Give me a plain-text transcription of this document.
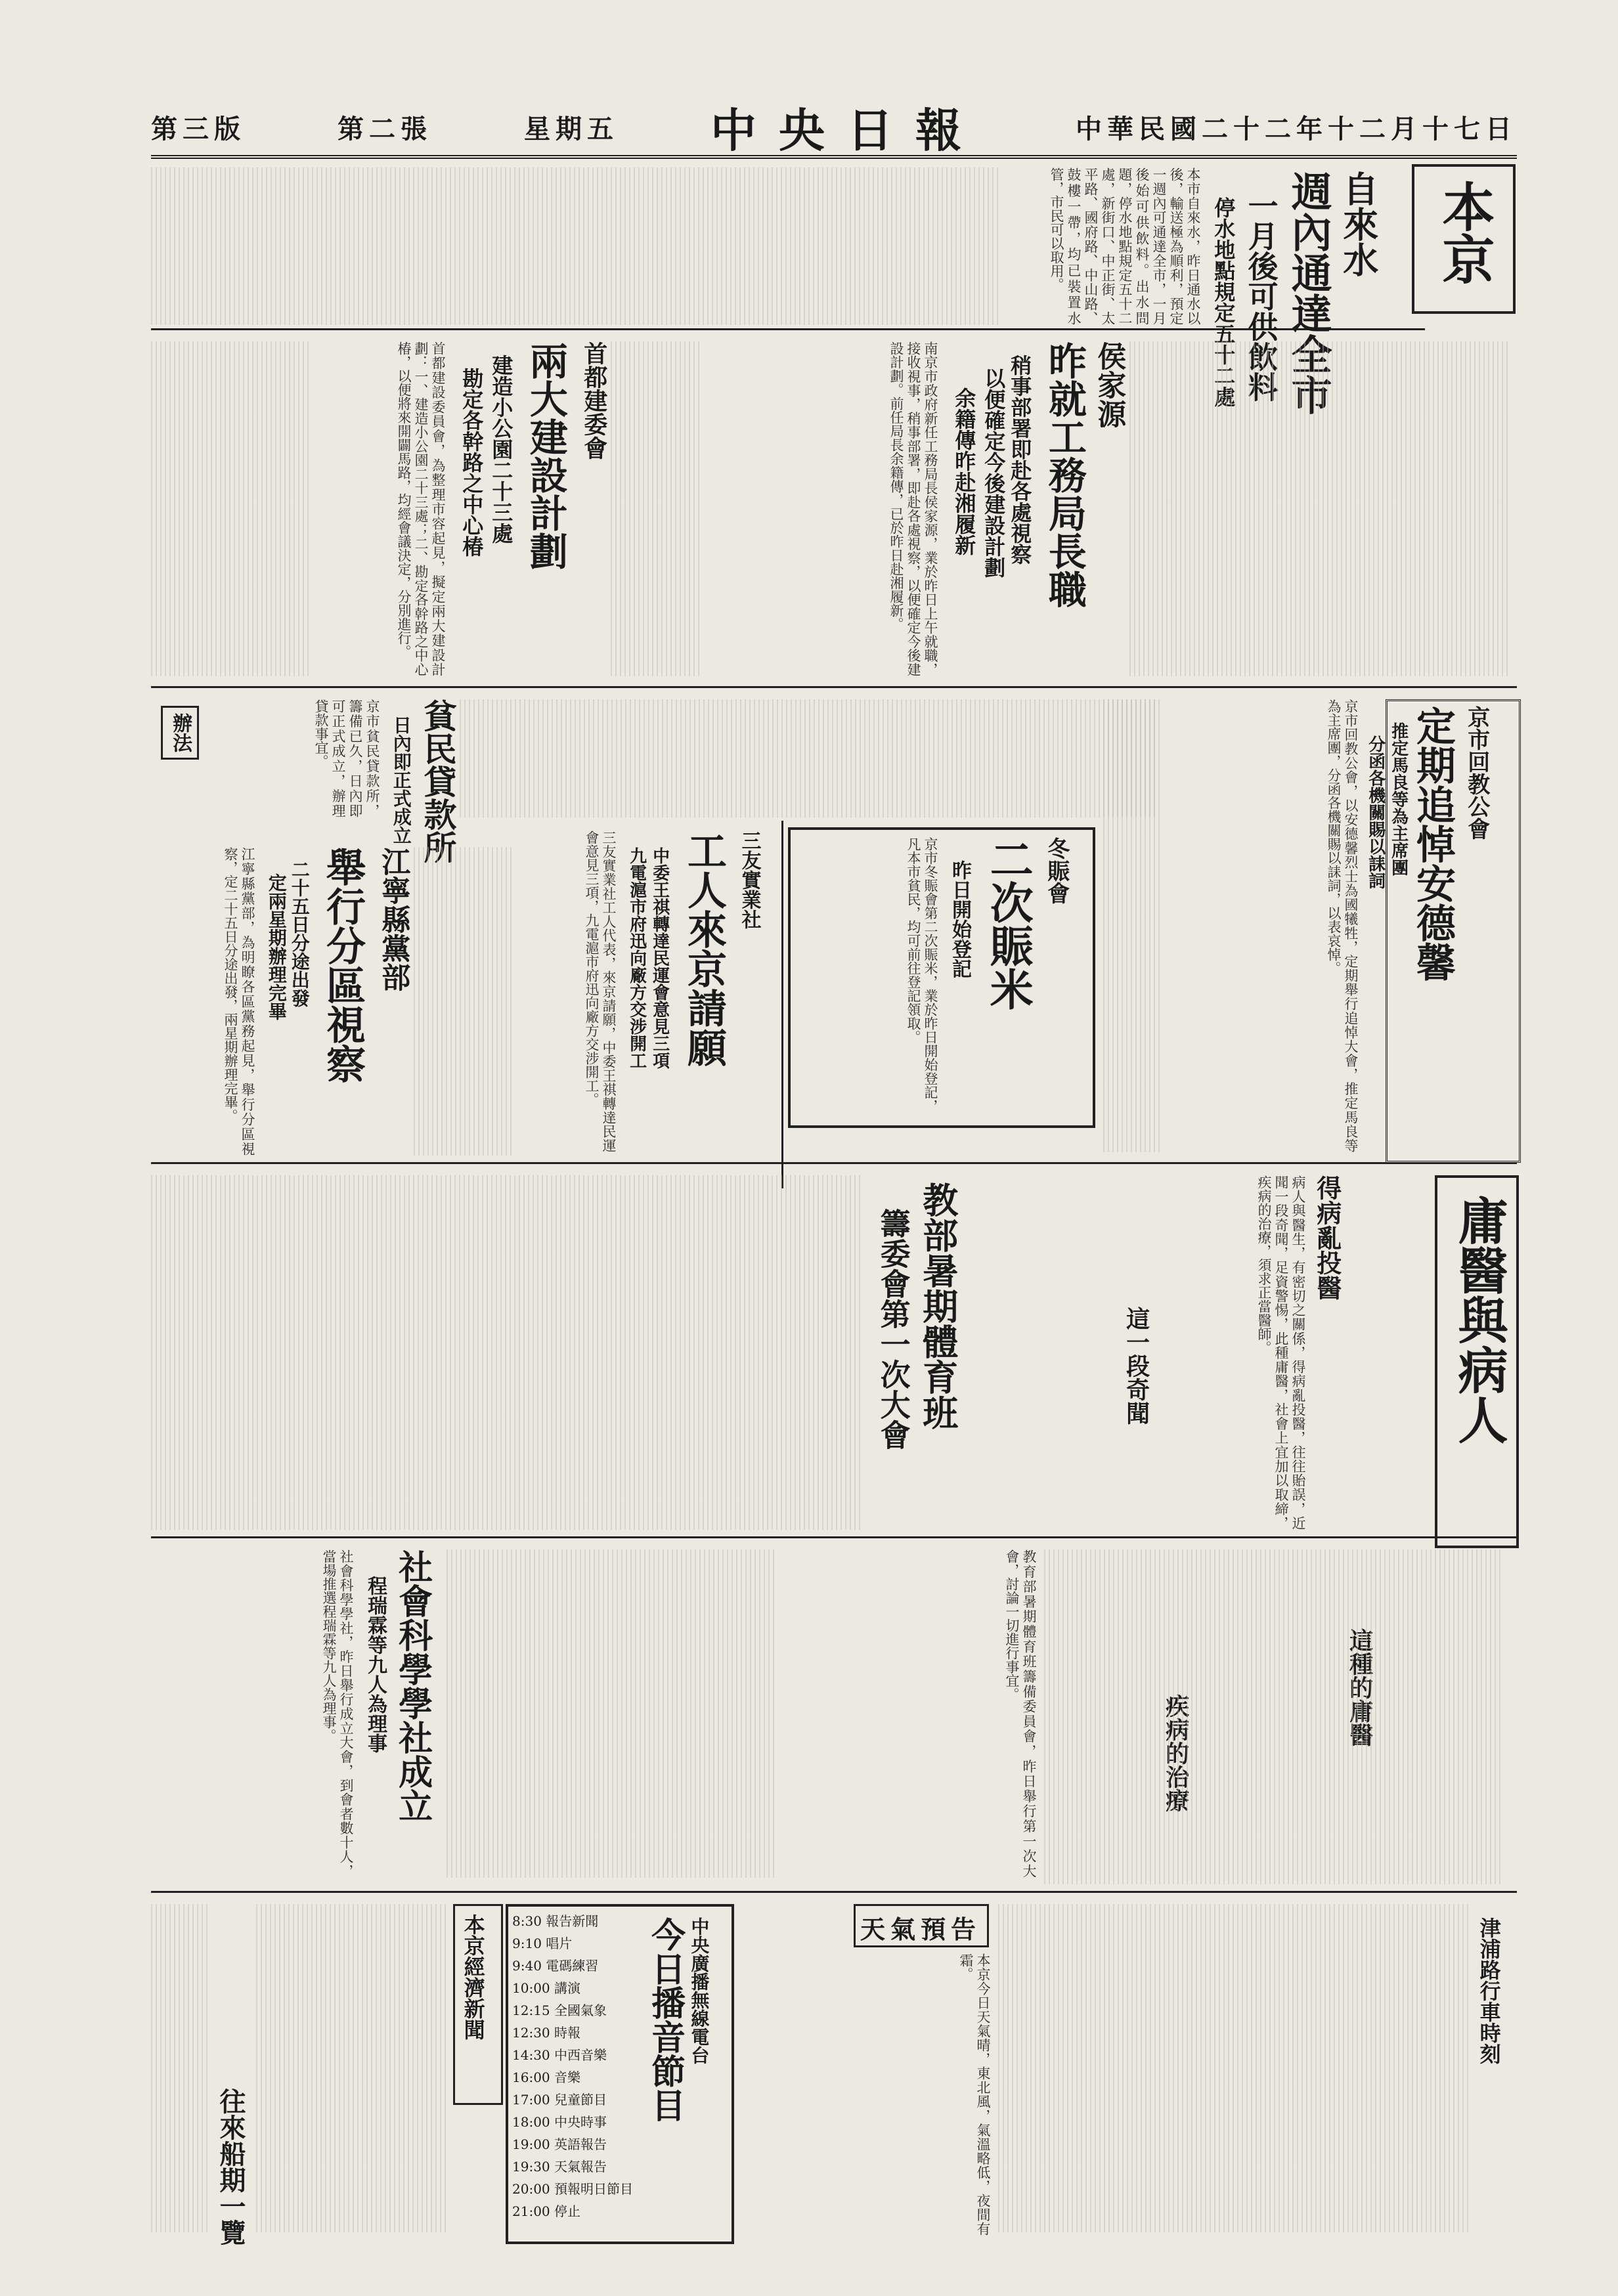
中華民國二十二年十二月十七日
中央日報
星期五
第二張
第三版
本京
自來水
週內通達全市
一月後可供飲料
停水地點規定五十二處
本市自來水，昨日通水以後，輸送極為順利，預定一週內可通達全市，一月後始可供飲料。出水問題，停水地點規定五十二處，新街口、中正街、太平路、國府路、中山路、鼓樓一帶，均已裝置水管，市民可以取用。
侯家源
昨就工務局長職
稍事部署即赴各處視察
以便確定今後建設計劃
余籍傳昨赴湘履新
南京市政府新任工務局長侯家源，業於昨日上午就職，接收視事，稍事部署，即赴各處視察，以便確定今後建設計劃。前任局長余籍傳，已於昨日赴湘履新。
首都建委會
兩大建設計劃
建造小公園二十三處
勘定各幹路之中心椿
首都建設委員會，為整理市容起見，擬定兩大建設計劃：一、建造小公園二十三處；二、勘定各幹路之中心椿，以便將來開闢馬路，均經會議決定，分別進行。
京市回教公會
定期追悼安德馨
推定馬良等為主席團
分函各機關賜以誄詞
京市回教公會，以安德馨烈士為國犧牲，定期舉行追悼大會，推定馬良等為主席團，分函各機關賜以誄詞，以表哀悼。
冬賑會
二次賑米
昨日開始登記
京市冬賑會第二次賑米，業於昨日開始登記，凡本市貧民，均可前往登記領取。
三友實業社
工人來京請願
中委王祺轉達民運會意見三項
九電滬市府迅向廠方交涉開工
三友實業社工人代表，來京請願，中委王祺轉達民運會意見三項，九電滬市府迅向廠方交涉開工。
貧民貸款所
日內即正式成立
京市貧民貸款所，籌備已久，日內即可正式成立，辦理貸款事宜。
辦法
江寧縣黨部
舉行分區視察
二十五日分途出發
定兩星期辦理完畢
江寧縣黨部，為明瞭各區黨務起見，舉行分區視察，定二十五日分途出發，兩星期辦理完畢。
庸醫與病人
得病亂投醫
這一段奇聞
這種的庸醫
疾病的治療
病人與醫生，有密切之關係，得病亂投醫，往往貽誤，近聞一段奇聞，足資警惕，此種庸醫，社會上宜加以取締，疾病的治療，須求正當醫師。
教部暑期體育班
籌委會第一次大會
教育部暑期體育班籌備委員會，昨日舉行第一次大會，討論一切進行事宜。
社會科學學社成立
程瑞霖等九人為理事
社會科學學社，昨日舉行成立大會，到會者數十人，當場推選程瑞霖等九人為理事。
中央廣播無線電台
今日播音節目
8:30 報告新聞
9:10 唱片
9:40 電碼練習
10:00 講演
12:15 全國氣象
12:30 時報
14:30 中西音樂
16:00 音樂
17:00 兒童節目
18:00 中央時事
19:00 英語報告
19:30 天氣報告
20:00 預報明日節目
21:00 停止
天氣預告
本京今日天氣晴，東北風，氣溫略低，夜間有霜。
本京經濟新聞
往來船期一覽
津浦路行車時刻
